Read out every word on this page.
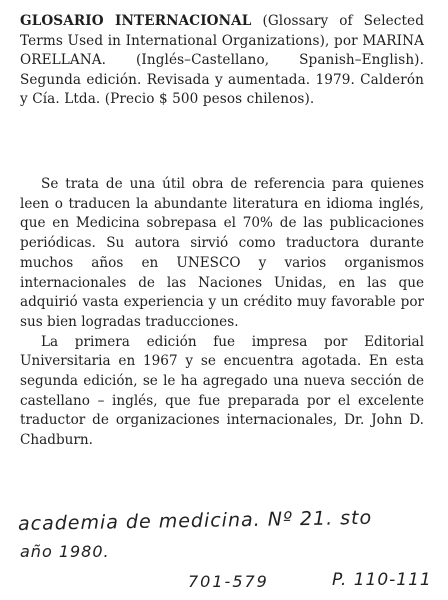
GLOSARIO INTERNACIONAL (Glossary of Selected Terms Used in International Organizations), por MARINA ORELLANA. (Inglés–Castellano, Spanish–English). Segunda edición. Revisada y aumentada. 1979. Calderón y Cía. Ltda. (Precio $ 500 pesos chilenos).

Se trata de una útil obra de referencia para quienes leen o traducen la abundante literatura en idioma inglés, que en Medicina sobrepasa el 70% de las publicaciones periódicas. Su autora sirvió como traductora durante muchos años en UNESCO y varios organismos internacionales de las Naciones Unidas, en las que adquirió vasta experiencia y un crédito muy favorable por sus bien logradas traducciones.

La primera edición fue impresa por Editorial Universitaria en 1967 y se encuentra agotada. En esta segunda edición, se le ha agregado una nueva sección de castellano – inglés, que fue preparada por el excelente traductor de organizaciones internacionales, Dr. John D. Chadburn.

academia de medicina. Nº 21. sto
año 1980.
701-579	P. 110-111
